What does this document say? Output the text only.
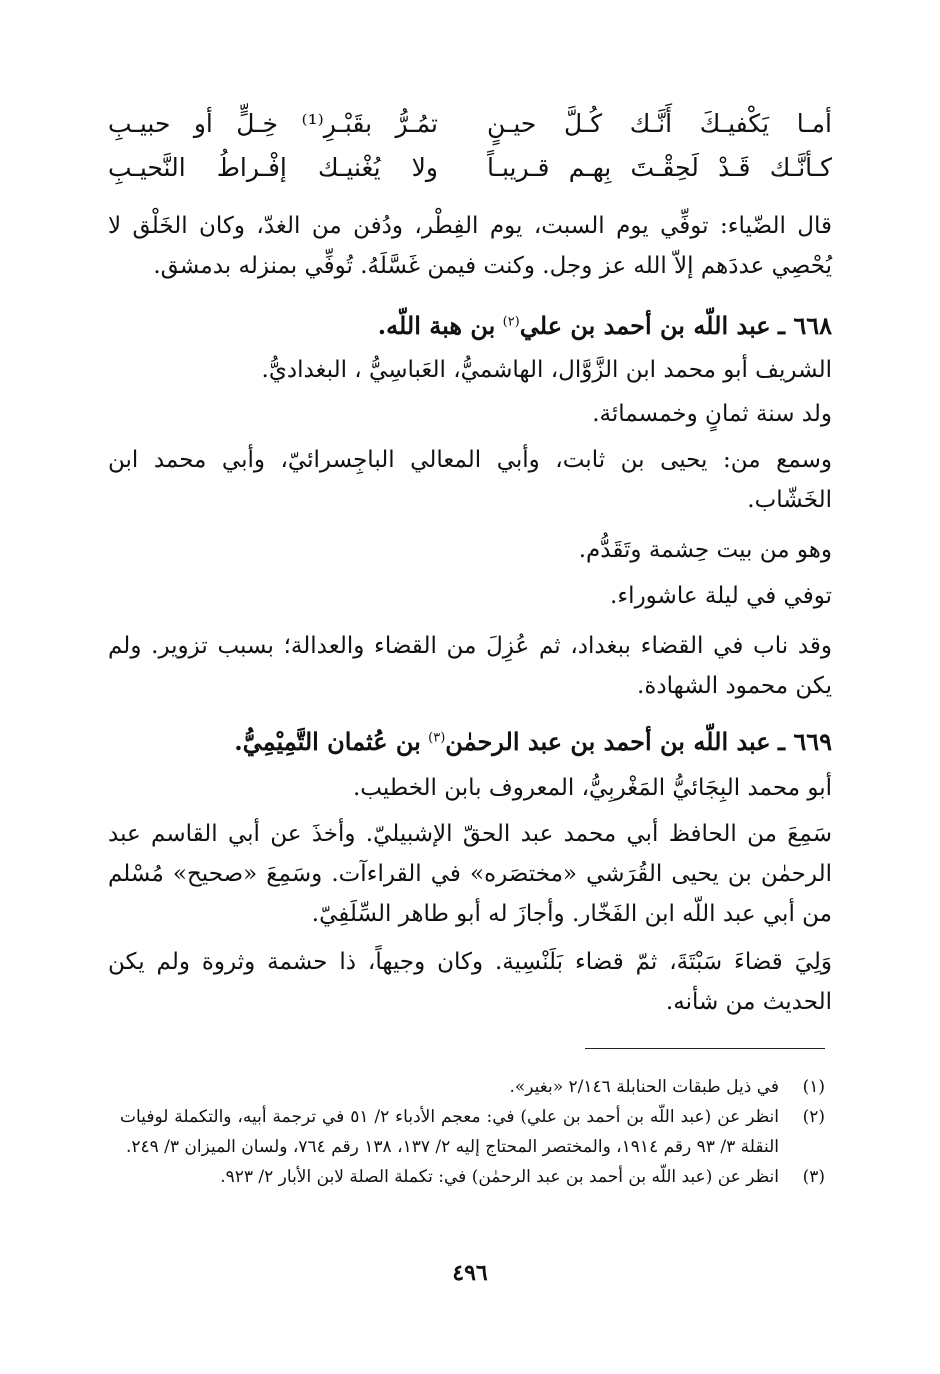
أمـا يَكْفيـكَ أَنَّـك كُـلَّ حيـنٍ
تمُـرُّ بقَبْـرِ⁽¹⁾ خِـلٍّ أو حبيـبِ
كـأنَّـك قَـدْ لَحِقْـتَ بِهـم قـريبـاً
ولا يُغْنيـك إفْـراطُ النَّحيـبِ
قال الضّياء: توفِّي يوم السبت، يوم الفِطْر، ودُفن من الغدّ، وكان الخَلْق لا يُحْصِي عددَهم إلاّ الله عز وجل. وكنت فيمن غَسَّلَهُ. تُوفِّي بمنزله بدمشق.
٦٦٨ ـ عبد اللّه بن أحمد بن علي$^{(٢)}$ بن هبة اللّه.
الشريف أبو محمد ابن الزَّوَّال، الهاشميُّ، العَباسِيُّ ، البغداديُّ.
ولد سنة ثمانٍ وخمسمائة.
وسمع من: يحيى بن ثابت، وأبي المعالي الباجِسرائيّ، وأبي محمد ابن الخَشّاب.
وهو من بيت حِشمة وتَقَدُّم.
توفي في ليلة عاشوراء.
وقد ناب في القضاء ببغداد، ثم عُزِلَ من القضاء والعدالة؛ بسبب تزوير. ولم يكن محمود الشهادة.
٦٦٩ ـ عبد اللّه بن أحمد بن عبد الرحمٰن$^{(٣)}$ بن عُثمان التَّمِيْمِيُّ.
أبو محمد البِجَائيُّ المَغْربِيُّ، المعروف بابن الخطيب.
سَمِعَ من الحافظ أبي محمد عبد الحقّ الإشبيليّ. وأخذَ عن أبي القاسم عبد الرحمٰن بن يحيى القُرَشي «مختصَره» في القراءآت. وسَمِعَ «صحيح» مُسْلم من أبي عبد اللّه ابن الفَخّار. وأجازَ له أبو طاهر السِّلَفِيّ.
وَلِيَ قضاءَ سَبْتَةَ، ثمّ قضاء بَلَنْسِية. وكان وجيهاً، ذا حشمة وثروة ولم يكن الحديث من شأنه.
(١)
في ذيل طبقات الحنابلة ٢/١٤٦ «بغير».
(٢)
انظر عن (عبد اللّه بن أحمد بن علي) في: معجم الأدباء ٢/ ٥١ في ترجمة أبيه، والتكملة لوفيات النقلة ٣/ ٩٣ رقم ١٩١٤، والمختصر المحتاج إليه ٢/ ١٣٧، ١٣٨ رقم ٧٦٤، ولسان الميزان ٣/ ٢٤٩.
(٣)
انظر عن (عبد اللّه بن أحمد بن عبد الرحمٰن) في: تكملة الصلة لابن الأبار ٢/ ٩٢٣.
٤٩٦
